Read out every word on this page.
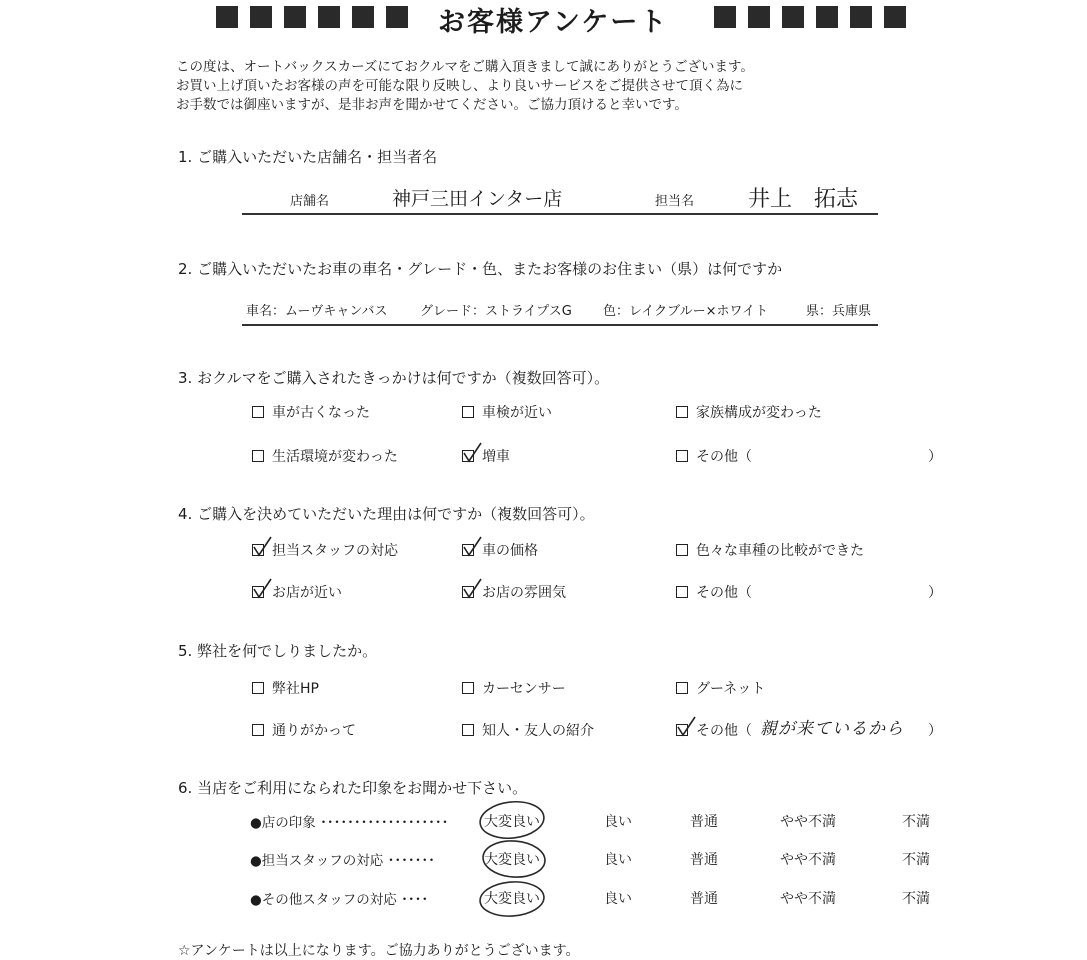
お客様アンケート
この度は、オートバックスカーズにておクルマをご購入頂きまして誠にありがとうございます。
お買い上げ頂いたお客様の声を可能な限り反映し、より良いサービスをご提供させて頂く為に
お手数では御座いますが、是非お声を聞かせてください。ご協力頂けると幸いです。
1. ご購入いただいた店舗名・担当者名
店舗名	神戸三田インター店	担当名 井上　拓志
2. ご購入いただいたお車の車名・グレード・色、またお客様のお住まい（県）は何ですか
車名：ムーヴキャンバス	グレード：ストライプスG 色：レイクブルー×ホワイト	県：兵庫県
3. おクルマをご購入されたきっかけは何ですか（複数回答可）。
車が古くなった	車検が近い	家族構成が変わった
生活環境が変わった	増車	その他（	）
4. ご購入を決めていただいた理由は何ですか（複数回答可）。
担当スタッフの対応	車の価格	色々な車種の比較ができた
お店が近い	お店の雰囲気	その他（	）
5. 弊社を何でしりましたか。
弊社HP	カーセンサー	グーネット
通りがかって	知人・友人の紹介	その他（ 親が来ているから ）
6. 当店をご利用になられた印象をお聞かせ下さい。
●店の印象 ･･･････････････････	大変良い	良い	普通	やや不満	不満
●担当スタッフの対応 ･･･････	大変良い	良い	普通	やや不満	不満
●その他スタッフの対応 ････	大変良い	良い	普通	やや不満	不満
☆アンケートは以上になります。ご協力ありがとうございます。
